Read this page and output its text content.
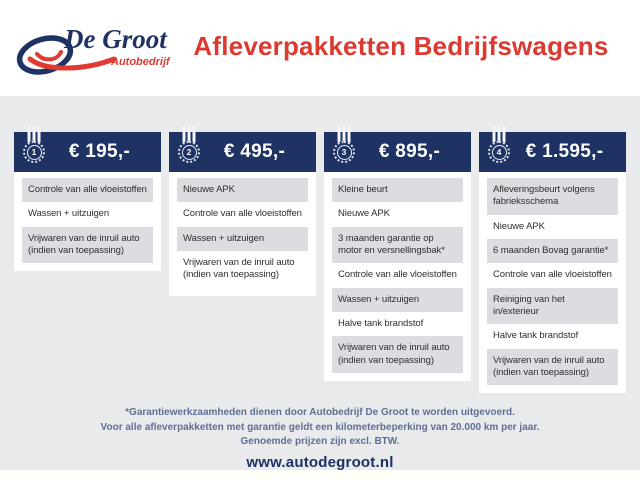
De Groot
Autobedrijf
Afleverpakketten Bedrijfswagens
1	€ 195,-
Controle van alle vloeistoffen
Wassen + uitzuigen
Vrijwaren van de inruil auto (indien van toepassing)
2	€ 495,-
Nieuwe APK
Controle van alle vloeistoffen
Wassen + uitzuigen
Vrijwaren van de inruil auto (indien van toepassing)
3	€ 895,-
Kleine beurt
Nieuwe APK
3 maanden garantie op motor en versnellingsbak*
Controle van alle vloeistoffen
Wassen + uitzuigen
Halve tank brandstof
Vrijwaren van de inruil auto (indien van toepassing)
4	€ 1.595,-
Afleveringsbeurt volgens fabrieksschema
Nieuwe APK
6 maanden Bovag garantie*
Controle van alle vloeistoffen
Reiniging van het in/exterieur
Halve tank brandstof
Vrijwaren van de inruil auto (indien van toepassing)
*Garantiewerkzaamheden dienen door Autobedrijf De Groot te worden uitgevoerd.
Voor alle afleverpakketten met garantie geldt een kilometerbeperking van 20.000 km per jaar.
Genoemde prijzen zijn excl. BTW.
www.autodegroot.nl
